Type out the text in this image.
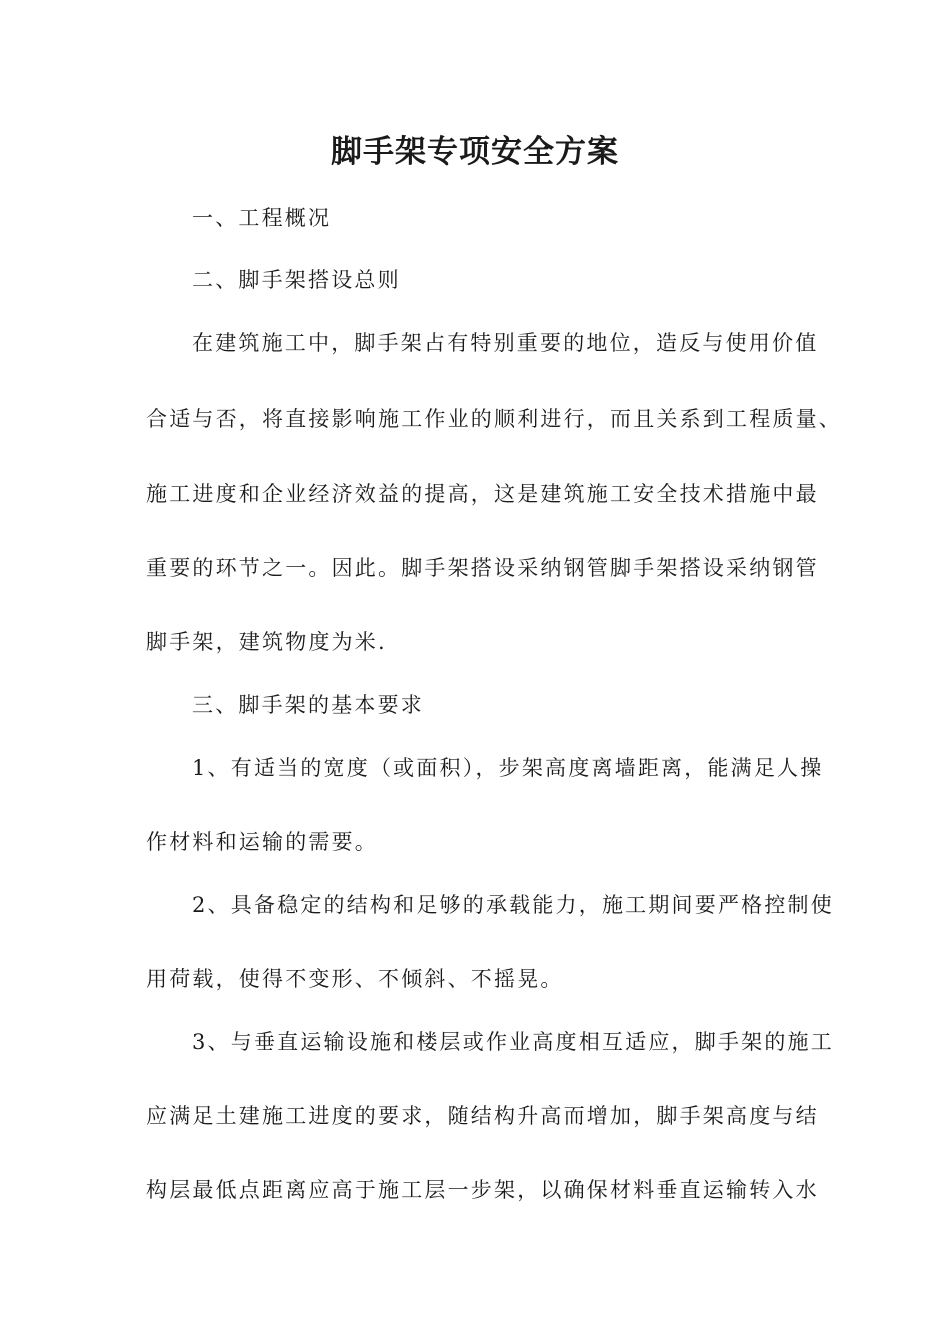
脚手架专项安全方案
一、工程概况
二、脚手架搭设总则
在建筑施工中，脚手架占有特别重要的地位，造反与使用价值
合适与否，将直接影响施工作业的顺利进行，而且关系到工程质量、
施工进度和企业经济效益的提高，这是建筑施工安全技术措施中最
重要的环节之一。因此。脚手架搭设采纳钢管脚手架搭设采纳钢管
脚手架，建筑物度为米.
三、脚手架的基本要求
1、有适当的宽度（或面积），步架高度离墙距离，能满足人操
作材料和运输的需要。
2、具备稳定的结构和足够的承载能力，施工期间要严格控制使
用荷载，使得不变形、不倾斜、不摇晃。
3、与垂直运输设施和楼层或作业高度相互适应，脚手架的施工
应满足土建施工进度的要求，随结构升高而增加，脚手架高度与结
构层最低点距离应高于施工层一步架，以确保材料垂直运输转入水
